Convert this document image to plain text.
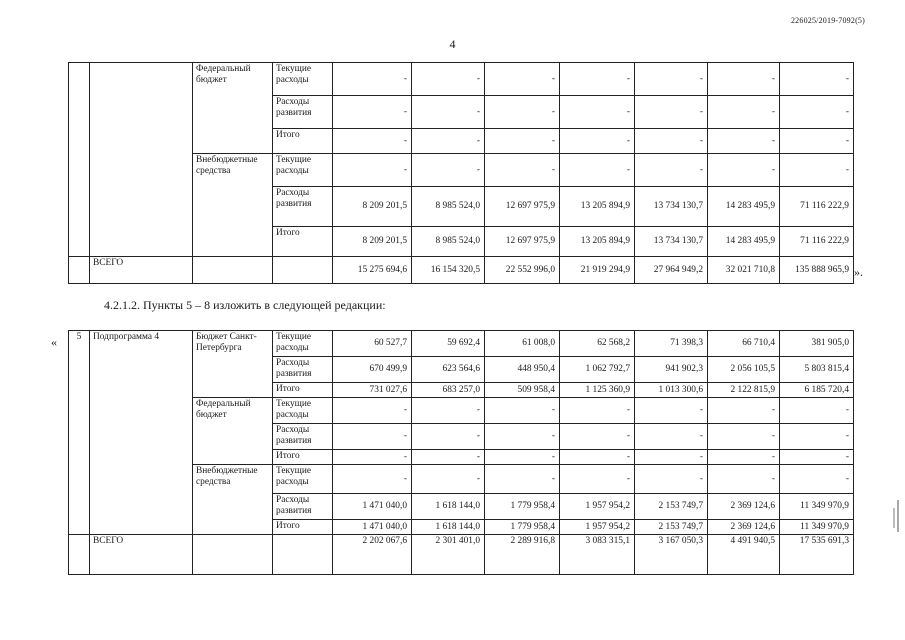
226025/2019-7092(5)
4
		Федеральный бюджет	Текущие расходы	-	-	-	-	-	-	-
			Расходы развития	-	-	-	-	-	-	-
			Итого	-	-	-	-	-	-	-
		Внебюджетные средства	Текущие расходы	-	-	-	-	-	-	-
			Расходы развития	8 209 201,5	8 985 524,0	12 697 975,9	13 205 894,9	13 734 130,7	14 283 495,9	71 116 222,9
			Итого	8 209 201,5	8 985 524,0	12 697 975,9	13 205 894,9	13 734 130,7	14 283 495,9	71 116 222,9
	ВСЕГО			15 275 694,6	16 154 320,5	22 552 996,0	21 919 294,9	27 964 949,2	32 021 710,8	135 888 965,9 ».
4.2.1.2. Пункты 5 – 8 изложить в следующей редакции:
« 5	Подпрограмма 4	Бюджет Санкт-Петербурга	Текущие расходы	60 527,7	59 692,4	61 008,0	62 568,2	71 398,3	66 710,4	381 905,0
			Расходы развития	670 499,9	623 564,6	448 950,4	1 062 792,7	941 902,3	2 056 105,5	5 803 815,4
			Итого	731 027,6	683 257,0	509 958,4	1 125 360,9	1 013 300,6	2 122 815,9	6 185 720,4
		Федеральный бюджет	Текущие расходы	-	-	-	-	-	-	-
			Расходы развития	-	-	-	-	-	-	-
			Итого	-	-	-	-	-	-	-
		Внебюджетные средства	Текущие расходы	-	-	-	-	-	-	-
			Расходы развития	1 471 040,0	1 618 144,0	1 779 958,4	1 957 954,2	2 153 749,7	2 369 124,6	11 349 970,9
			Итого	1 471 040,0	1 618 144,0	1 779 958,4	1 957 954,2	2 153 749,7	2 369 124,6	11 349 970,9
	ВСЕГО			2 202 067,6	2 301 401,0	2 289 916,8	3 083 315,1	3 167 050,3	4 491 940,5	17 535 691,3
